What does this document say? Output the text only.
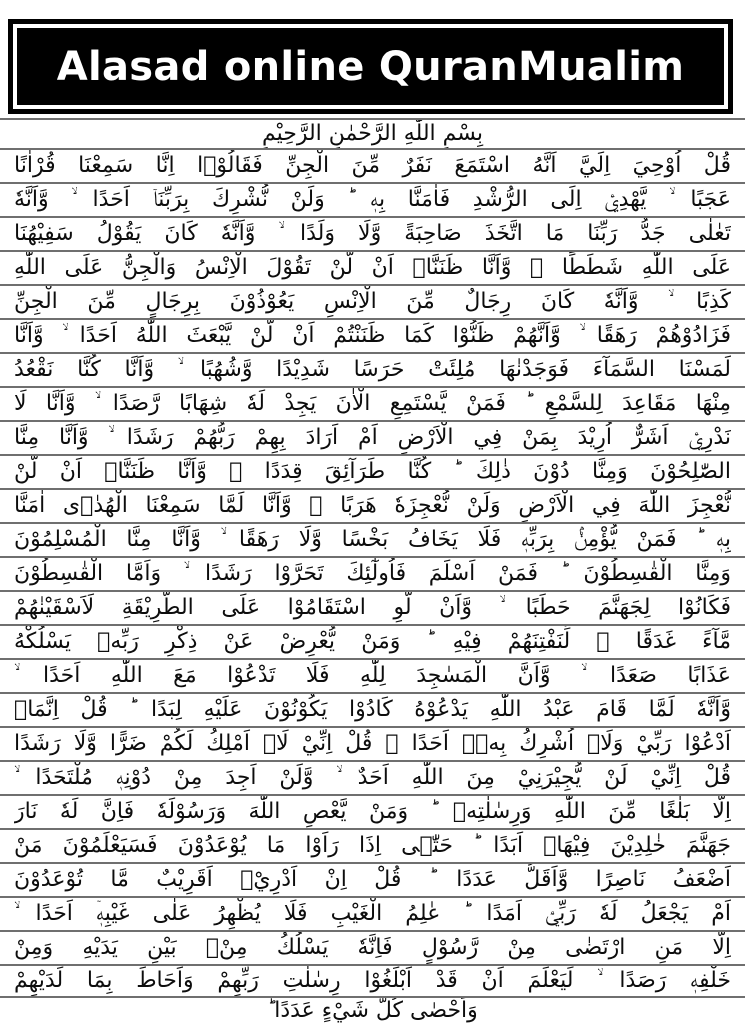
Alasad online QuranMualim
بِسْمِ اللّٰهِ الرَّحْمٰنِ الرَّحِيْمِ
قُلْ اُوْحِيَ اِلَيَّ اَنَّهُ اسْتَمَعَ نَفَرٌ مِّنَ الْجِنِّ فَقَالُوْۤا اِنَّا سَمِعْنَا قُرْاٰنًا
عَجَبًا ۙ يَّهْدِيْۤ اِلَى الرُّشْدِ فَاٰمَنَّا بِهٖ ؕ وَلَنْ نُّشْرِكَ بِرَبِّنَاۤ اَحَدًا ۙ وَّاَنَّهٗ
تَعٰلٰى جَدُّ رَبِّنَا مَا اتَّخَذَ صَاحِبَةً وَّلَا وَلَدًا ۙ وَّاَنَّهٗ كَانَ يَقُوْلُ سَفِيْهُنَا
عَلَى اللّٰهِ شَطَطًا ۙ وَّاَنَّا ظَنَنَّاۤ اَنْ لَّنْ تَقُوْلَ الْاِنْسُ وَالْجِنُّ عَلَى اللّٰهِ
كَذِبًا ۙ وَّاَنَّهٗ كَانَ رِجَالٌ مِّنَ الْاِنْسِ يَعُوْذُوْنَ بِرِجَالٍ مِّنَ الْجِنِّ
فَزَادُوْهُمْ رَهَقًا ۙ وَّاَنَّهُمْ ظَنُّوْا كَمَا ظَنَنْتُمْ اَنْ لَّنْ يَّبْعَثَ اللّٰهُ اَحَدًا ۙ وَّاَنَّا
لَمَسْنَا السَّمَآءَ فَوَجَدْنٰهَا مُلِئَتْ حَرَسًا شَدِيْدًا وَّشُهُبًا ۙ وَّاَنَّا كُنَّا نَقْعُدُ
مِنْهَا مَقَاعِدَ لِلسَّمْعِ ؕ فَمَنْ يَّسْتَمِعِ الْاٰنَ يَجِدْ لَهٗ شِهَابًا رَّصَدًا ۙ وَّاَنَّا لَا
نَدْرِيْۤ اَشَرٌّ اُرِيْدَ بِمَنْ فِي الْاَرْضِ اَمْ اَرَادَ بِهِمْ رَبُّهُمْ رَشَدًا ۙ وَّاَنَّا مِنَّا
الصّٰلِحُوْنَ وَمِنَّا دُوْنَ ذٰلِكَ ؕ كُنَّا طَرَآئِقَ قِدَدًا ۙ وَّاَنَّا ظَنَنَّاۤ اَنْ لَّنْ
نُّعْجِزَ اللّٰهَ فِي الْاَرْضِ وَلَنْ نُّعْجِزَهٗ هَرَبًا ۙ وَّاَنَّا لَمَّا سَمِعْنَا الْهُدٰۤى اٰمَنَّا
بِهٖ ؕ فَمَنْ يُّؤْمِنْۢ بِرَبِّهٖ فَلَا يَخَافُ بَخْسًا وَّلَا رَهَقًا ۙ وَّاَنَّا مِنَّا الْمُسْلِمُوْنَ
وَمِنَّا الْقٰسِطُوْنَ ؕ فَمَنْ اَسْلَمَ فَاُولٰٓئِكَ تَحَرَّوْا رَشَدًا ۙ وَاَمَّا الْقٰسِطُوْنَ
فَكَانُوْا لِجَهَنَّمَ حَطَبًا ۙ وَّاَنْ لَّوِ اسْتَقَامُوْا عَلَى الطَّرِيْقَةِ لَاَسْقَيْنٰهُمْ
مَّآءً غَدَقًا ۙ لِّنَفْتِنَهُمْ فِيْهِ ؕ وَمَنْ يُّعْرِضْ عَنْ ذِكْرِ رَبِّهٖ يَسْلُكْهُ
عَذَابًا صَعَدًا ۙ وَّاَنَّ الْمَسٰجِدَ لِلّٰهِ فَلَا تَدْعُوْا مَعَ اللّٰهِ اَحَدًا ۙ
وَّاَنَّهٗ لَمَّا قَامَ عَبْدُ اللّٰهِ يَدْعُوْهُ كَادُوْا يَكُوْنُوْنَ عَلَيْهِ لِبَدًا ؕ قُلْ اِنَّمَاۤ
اَدْعُوْا رَبِّيْ وَلَاۤ اُشْرِكُ بِهٖۤ اَحَدًا ۙ قُلْ اِنِّيْ لَاۤ اَمْلِكُ لَكُمْ ضَرًّا وَّلَا رَشَدًا
قُلْ اِنِّيْ لَنْ يُّجِيْرَنِيْ مِنَ اللّٰهِ اَحَدٌ ۙ وَّلَنْ اَجِدَ مِنْ دُوْنِهٖ مُلْتَحَدًا ۙ
اِلَّا بَلٰغًا مِّنَ اللّٰهِ وَرِسٰلٰتِهٖ ؕ وَمَنْ يَّعْصِ اللّٰهَ وَرَسُوْلَهٗ فَاِنَّ لَهٗ نَارَ
جَهَنَّمَ خٰلِدِيْنَ فِيْهَاۤ اَبَدًا ؕ حَتّٰۤى اِذَا رَاَوْا مَا يُوْعَدُوْنَ فَسَيَعْلَمُوْنَ مَنْ
اَضْعَفُ نَاصِرًا وَّاَقَلُّ عَدَدًا ؕ قُلْ اِنْ اَدْرِيْۤ اَقَرِيْبٌ مَّا تُوْعَدُوْنَ
اَمْ يَجْعَلُ لَهٗ رَبِّيْۤ اَمَدًا ؕ عٰلِمُ الْغَيْبِ فَلَا يُظْهِرُ عَلٰى غَيْبِهٖۤ اَحَدًا ۙ
اِلَّا مَنِ ارْتَضٰى مِنْ رَّسُوْلٍ فَاِنَّهٗ يَسْلُكُ مِنْۢ بَيْنِ يَدَيْهِ وَمِنْ
خَلْفِهٖ رَصَدًا ۙ لِّيَعْلَمَ اَنْ قَدْ اَبْلَغُوْا رِسٰلٰتِ رَبِّهِمْ وَاَحَاطَ بِمَا لَدَيْهِمْ
وَاَحْصٰى كُلَّ شَيْءٍ عَدَدًا ؕ
